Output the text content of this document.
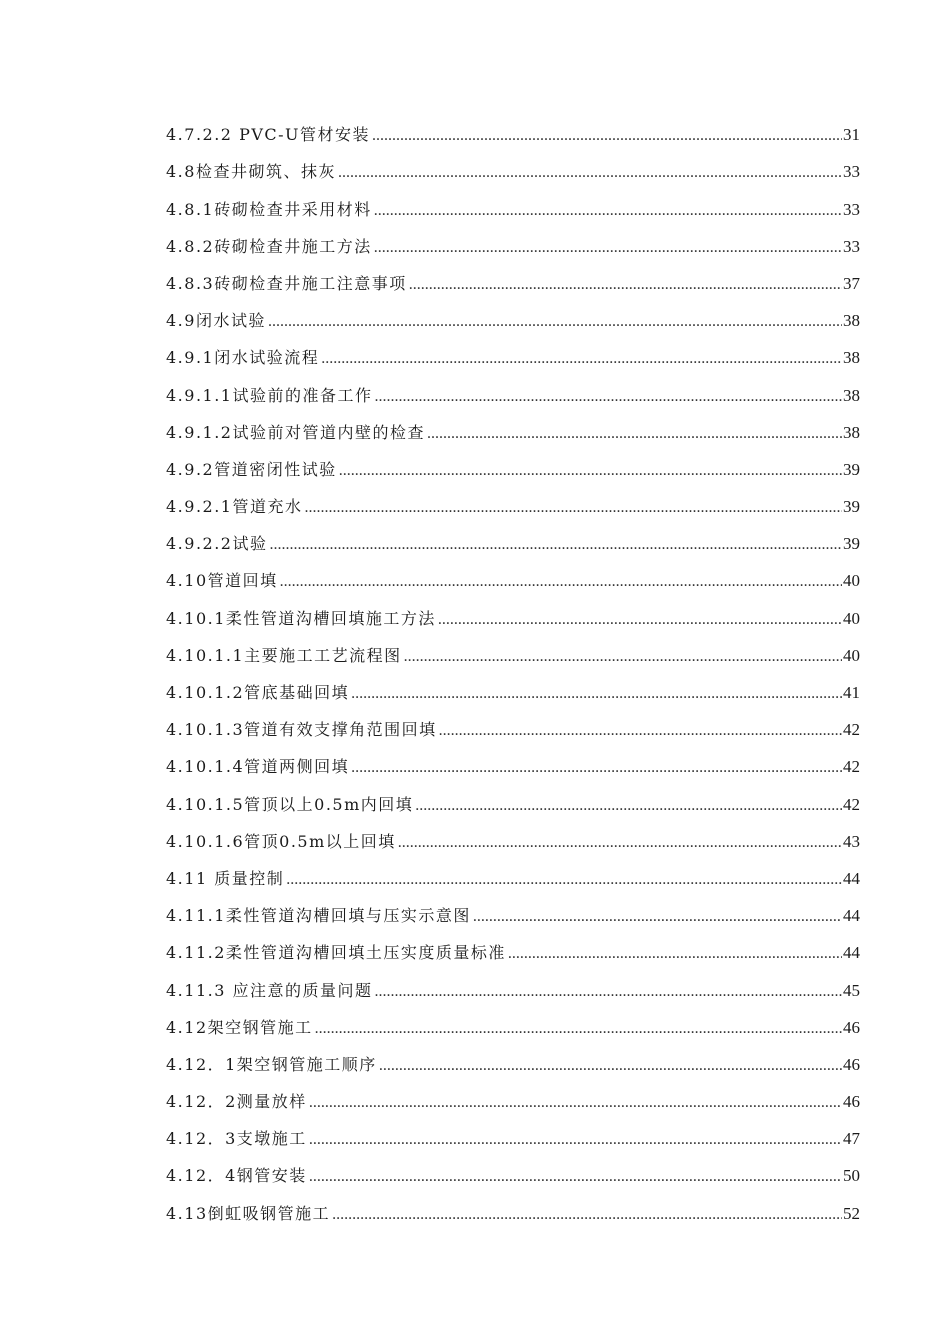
4.7.2.2 PVC-U管材安装 .....	31
4.8检查井砌筑、抹灰 .....	33
4.8.1砖砌检查井采用材料 .....	33
4.8.2砖砌检查井施工方法 .....	33
4.8.3砖砌检查井施工注意事项 .....	37
4.9闭水试验 .....	38
4.9.1闭水试验流程 .....	38
4.9.1.1试验前的准备工作 .....	38
4.9.1.2试验前对管道内壁的检查 .....	38
4.9.2管道密闭性试验 .....	39
4.9.2.1管道充水 .....	39
4.9.2.2试验 .....	39
4.10管道回填 .....	40
4.10.1柔性管道沟槽回填施工方法 .....	40
4.10.1.1主要施工工艺流程图 .....	40
4.10.1.2管底基础回填 .....	41
4.10.1.3管道有效支撑角范围回填 .....	42
4.10.1.4管道两侧回填 .....	42
4.10.1.5管顶以上0.5m内回填 .....	42
4.10.1.6管顶0.5m以上回填 .....	43
4.11 质量控制 .....	44
4.11.1柔性管道沟槽回填与压实示意图 .....	44
4.11.2柔性管道沟槽回填土压实度质量标准 .....	44
4.11.3 应注意的质量问题 .....	45
4.12架空钢管施工 .....	46
4.12．1架空钢管施工顺序 .....	46
4.12．2测量放样 .....	46
4.12．3支墩施工 .....	47
4.12．4钢管安装 .....	50
4.13倒虹吸钢管施工 .....	52
